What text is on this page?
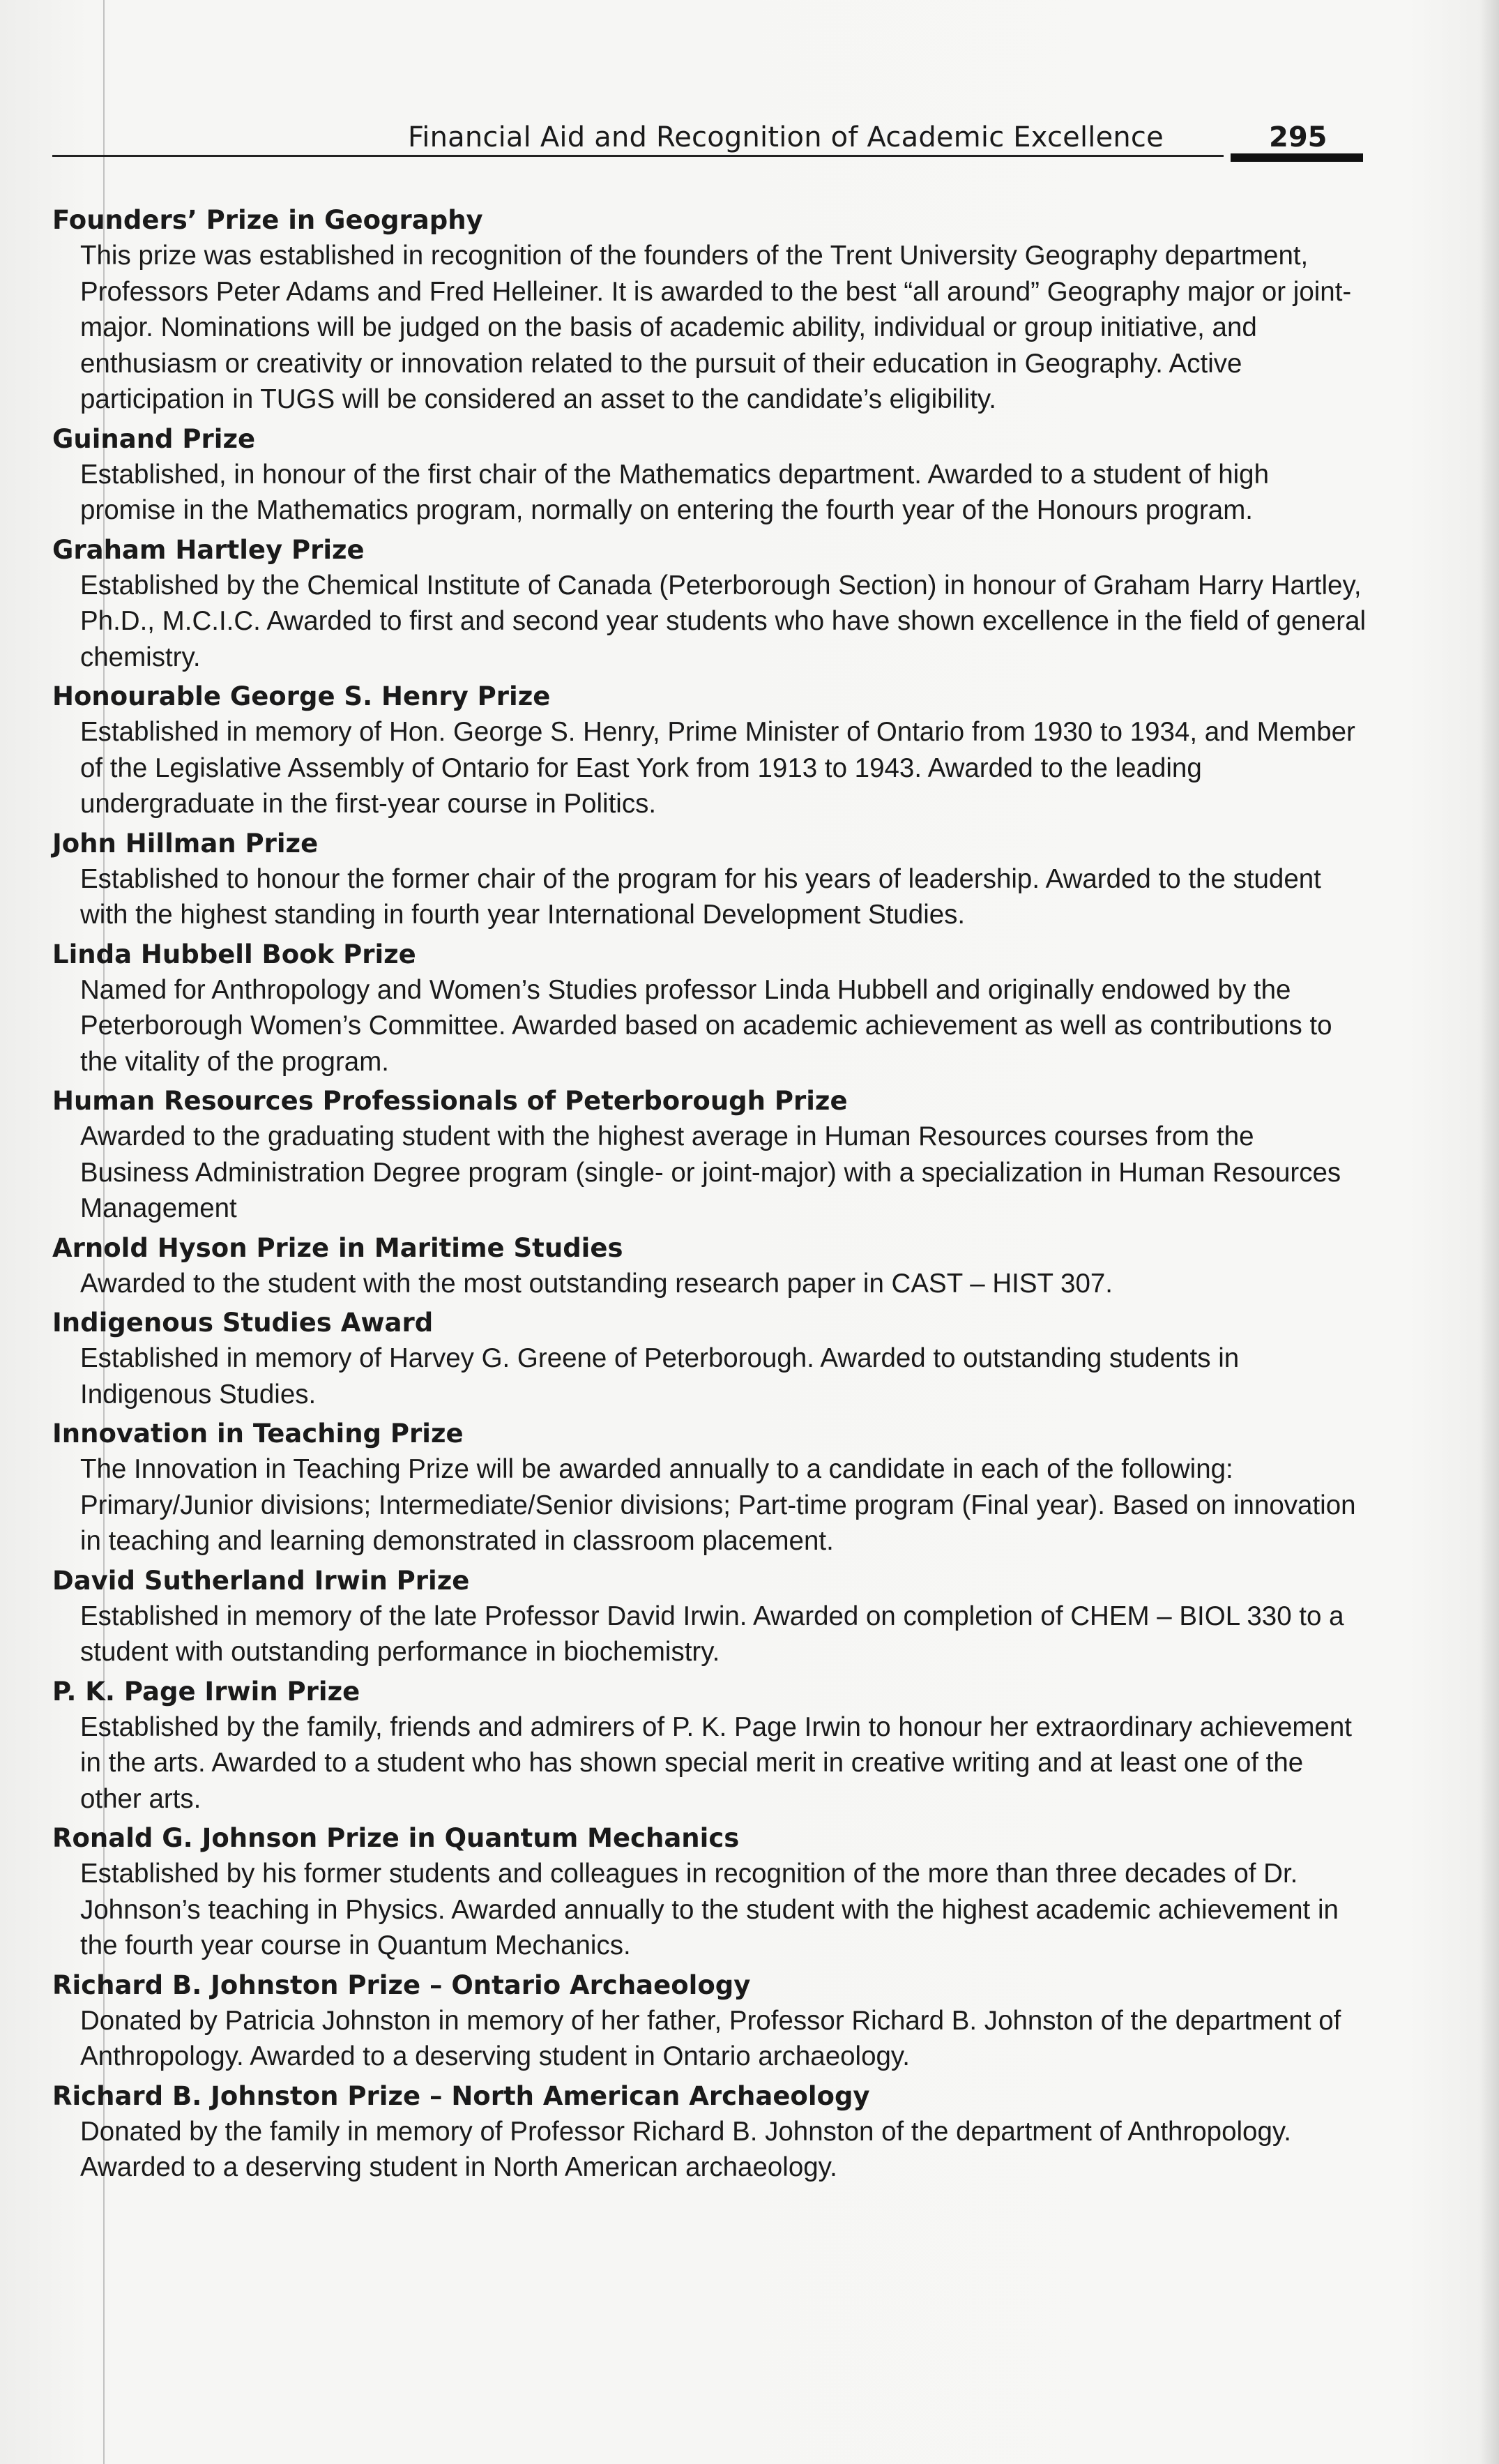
Financial Aid and Recognition of Academic Excellence	295
Founders’ Prize in Geography
This prize was established in recognition of the founders of the Trent University Geography department, Professors Peter Adams and Fred Helleiner. It is awarded to the best “all around” Geography major or joint-major. Nominations will be judged on the basis of academic ability, individual or group initiative, and enthusiasm or creativity or innovation related to the pursuit of their education in Geography. Active participation in TUGS will be considered an asset to the candidate’s eligibility.
Guinand Prize
Established, in honour of the first chair of the Mathematics department. Awarded to a student of high promise in the Mathematics program, normally on entering the fourth year of the Honours program.
Graham Hartley Prize
Established by the Chemical Institute of Canada (Peterborough Section) in honour of Graham Harry Hartley, Ph.D., M.C.I.C. Awarded to first and second year students who have shown excellence in the field of general chemistry.
Honourable George S. Henry Prize
Established in memory of Hon. George S. Henry, Prime Minister of Ontario from 1930 to 1934, and Member of the Legislative Assembly of Ontario for East York from 1913 to 1943. Awarded to the leading undergraduate in the first-year course in Politics.
John Hillman Prize
Established to honour the former chair of the program for his years of leadership. Awarded to the student with the highest standing in fourth year International Development Studies.
Linda Hubbell Book Prize
Named for Anthropology and Women’s Studies professor Linda Hubbell and originally endowed by the Peterborough Women’s Committee. Awarded based on academic achievement as well as contributions to the vitality of the program.
Human Resources Professionals of Peterborough Prize
Awarded to the graduating student with the highest average in Human Resources courses from the Business Administration Degree program (single- or joint-major) with a specialization in Human Resources Management
Arnold Hyson Prize in Maritime Studies
Awarded to the student with the most outstanding research paper in CAST – HIST 307.
Indigenous Studies Award
Established in memory of Harvey G. Greene of Peterborough. Awarded to outstanding students in Indigenous Studies.
Innovation in Teaching Prize
The Innovation in Teaching Prize will be awarded annually to a candidate in each of the following: Primary/Junior divisions; Intermediate/Senior divisions; Part-time program (Final year). Based on innovation in teaching and learning demonstrated in classroom placement.
David Sutherland Irwin Prize
Established in memory of the late Professor David Irwin. Awarded on completion of CHEM – BIOL 330 to a student with outstanding performance in biochemistry.
P. K. Page Irwin Prize
Established by the family, friends and admirers of P. K. Page Irwin to honour her extraordinary achievement in the arts. Awarded to a student who has shown special merit in creative writing and at least one of the other arts.
Ronald G. Johnson Prize in Quantum Mechanics
Established by his former students and colleagues in recognition of the more than three decades of Dr. Johnson’s teaching in Physics. Awarded annually to the student with the highest academic achievement in the fourth year course in Quantum Mechanics.
Richard B. Johnston Prize – Ontario Archaeology
Donated by Patricia Johnston in memory of her father, Professor Richard B. Johnston of the department of Anthropology. Awarded to a deserving student in Ontario archaeology.
Richard B. Johnston Prize – North American Archaeology
Donated by the family in memory of Professor Richard B. Johnston of the department of Anthropology. Awarded to a deserving student in North American archaeology.
